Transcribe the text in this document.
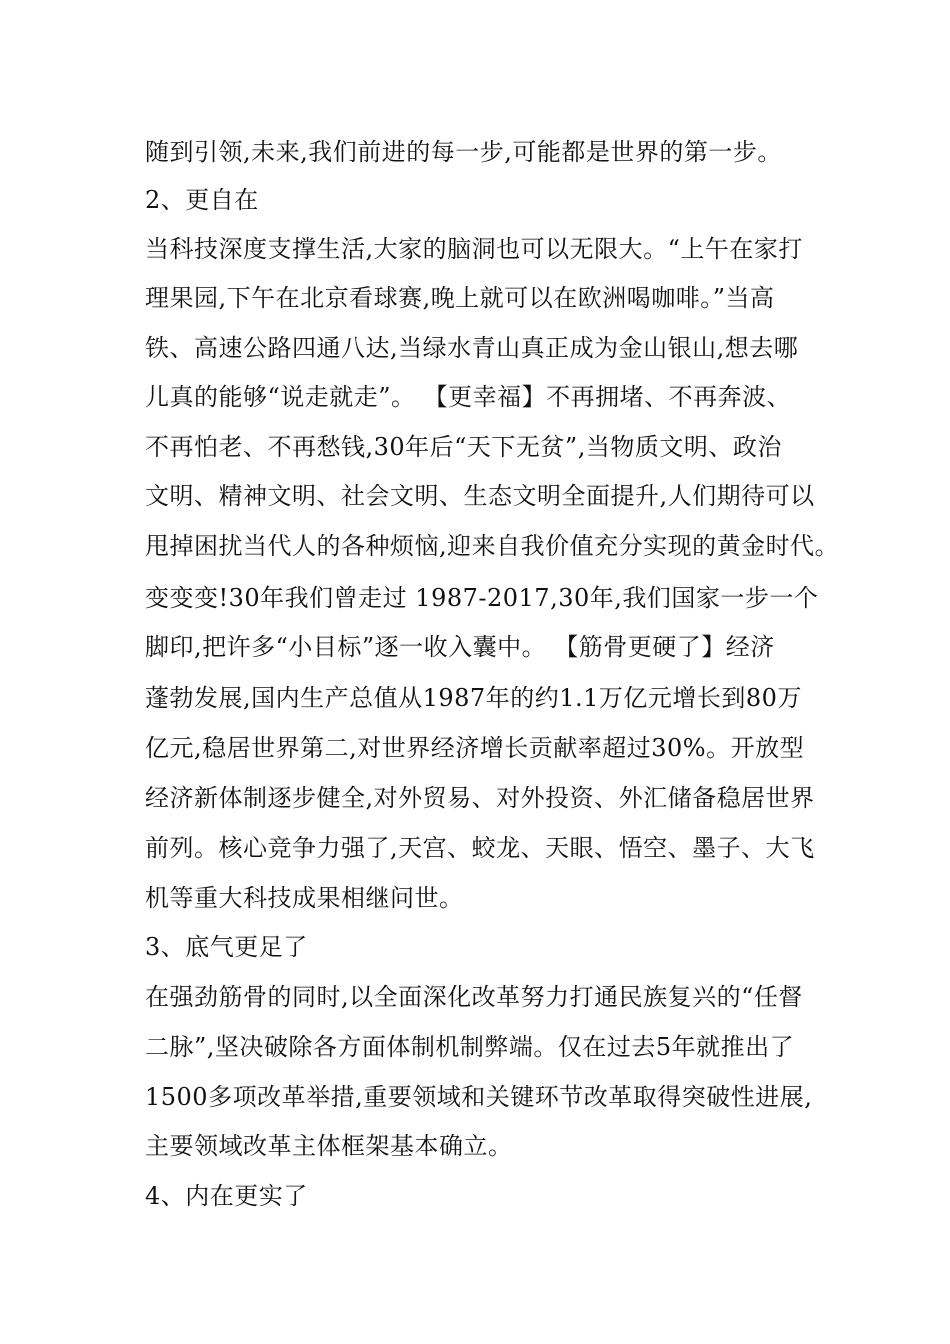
随到引领,未来,我们前进的每一步,可能都是世界的第一步。
2、更自在
当科技深度支撑生活,大家的脑洞也可以无限大。“上午在家打
理果园,下午在北京看球赛,晚上就可以在欧洲喝咖啡。”当高
铁、高速公路四通八达,当绿水青山真正成为金山银山,想去哪
儿真的能够“说走就走”。 【更幸福】不再拥堵、不再奔波、
不再怕老、不再愁钱,30年后“天下无贫”,当物质文明、政治
文明、精神文明、社会文明、生态文明全面提升,人们期待可以
甩掉困扰当代人的各种烦恼,迎来自我价值充分实现的黄金时代。
变变变!30年我们曾走过 1987-2017,30年,我们国家一步一个
脚印,把许多“小目标”逐一收入囊中。 【筋骨更硬了】经济
蓬勃发展,国内生产总值从1987年的约1.1万亿元增长到80万
亿元,稳居世界第二,对世界经济增长贡献率超过30%。开放型
经济新体制逐步健全,对外贸易、对外投资、外汇储备稳居世界
前列。核心竞争力强了,天宫、蛟龙、天眼、悟空、墨子、大飞
机等重大科技成果相继问世。
3、底气更足了
在强劲筋骨的同时,以全面深化改革努力打通民族复兴的“任督
二脉”,坚决破除各方面体制机制弊端。仅在过去5年就推出了
1500多项改革举措,重要领域和关键环节改革取得突破性进展,
主要领域改革主体框架基本确立。
4、内在更实了
